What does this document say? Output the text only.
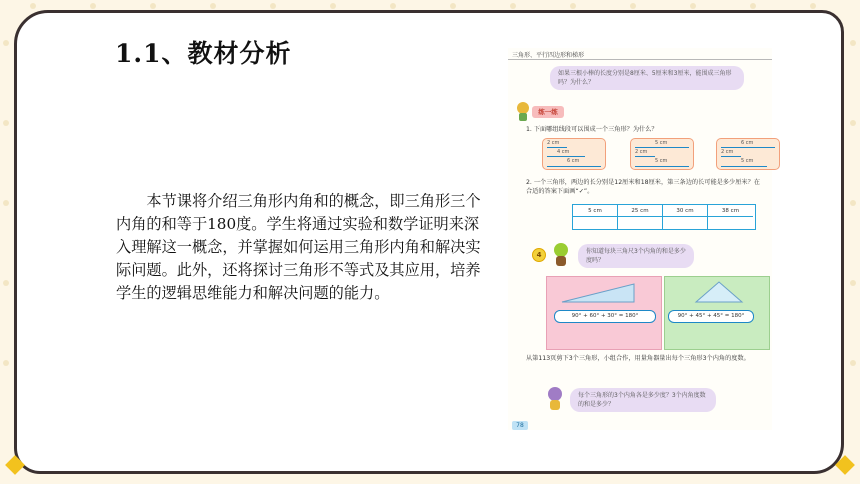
1.1、教材分析
本节课将介绍三角形内角和的概念，即三角形三个内角的和等于180度。学生将通过实验和数学证明来深入理解这一概念，并掌握如何运用三角形内角和解决实际问题。此外，还将探讨三角形不等式及其应用，培养学生的逻辑思维能力和解决问题的能力。
三角形、平行四边形和梯形
如果三根小棒的长度分别是8厘米、5厘米和3厘米，能围成三角形吗？为什么？
练一练
1. 下面哪组线段可以围成一个三角形？为什么？
2 cm
4 cm
6 cm
5 cm
2 cm
5 cm
6 cm
2 cm
5 cm
2. 一个三角形，两边的长分别是12厘米和18厘米，第三条边的长可能是多少厘米？在合适的答案下面画“✓”。
5 cm	25 cm	30 cm	38 cm
4	你知道每块三角尺3个内角的和是多少度吗？
90° + 60° + 30° = 180°	90° + 45° + 45° = 180°
从第113页剪下3个三角形，小组合作，用量角器量出每个三角形3个内角的度数。
每个三角形的3个内角各是多少度？3个内角度数的和是多少？
78
